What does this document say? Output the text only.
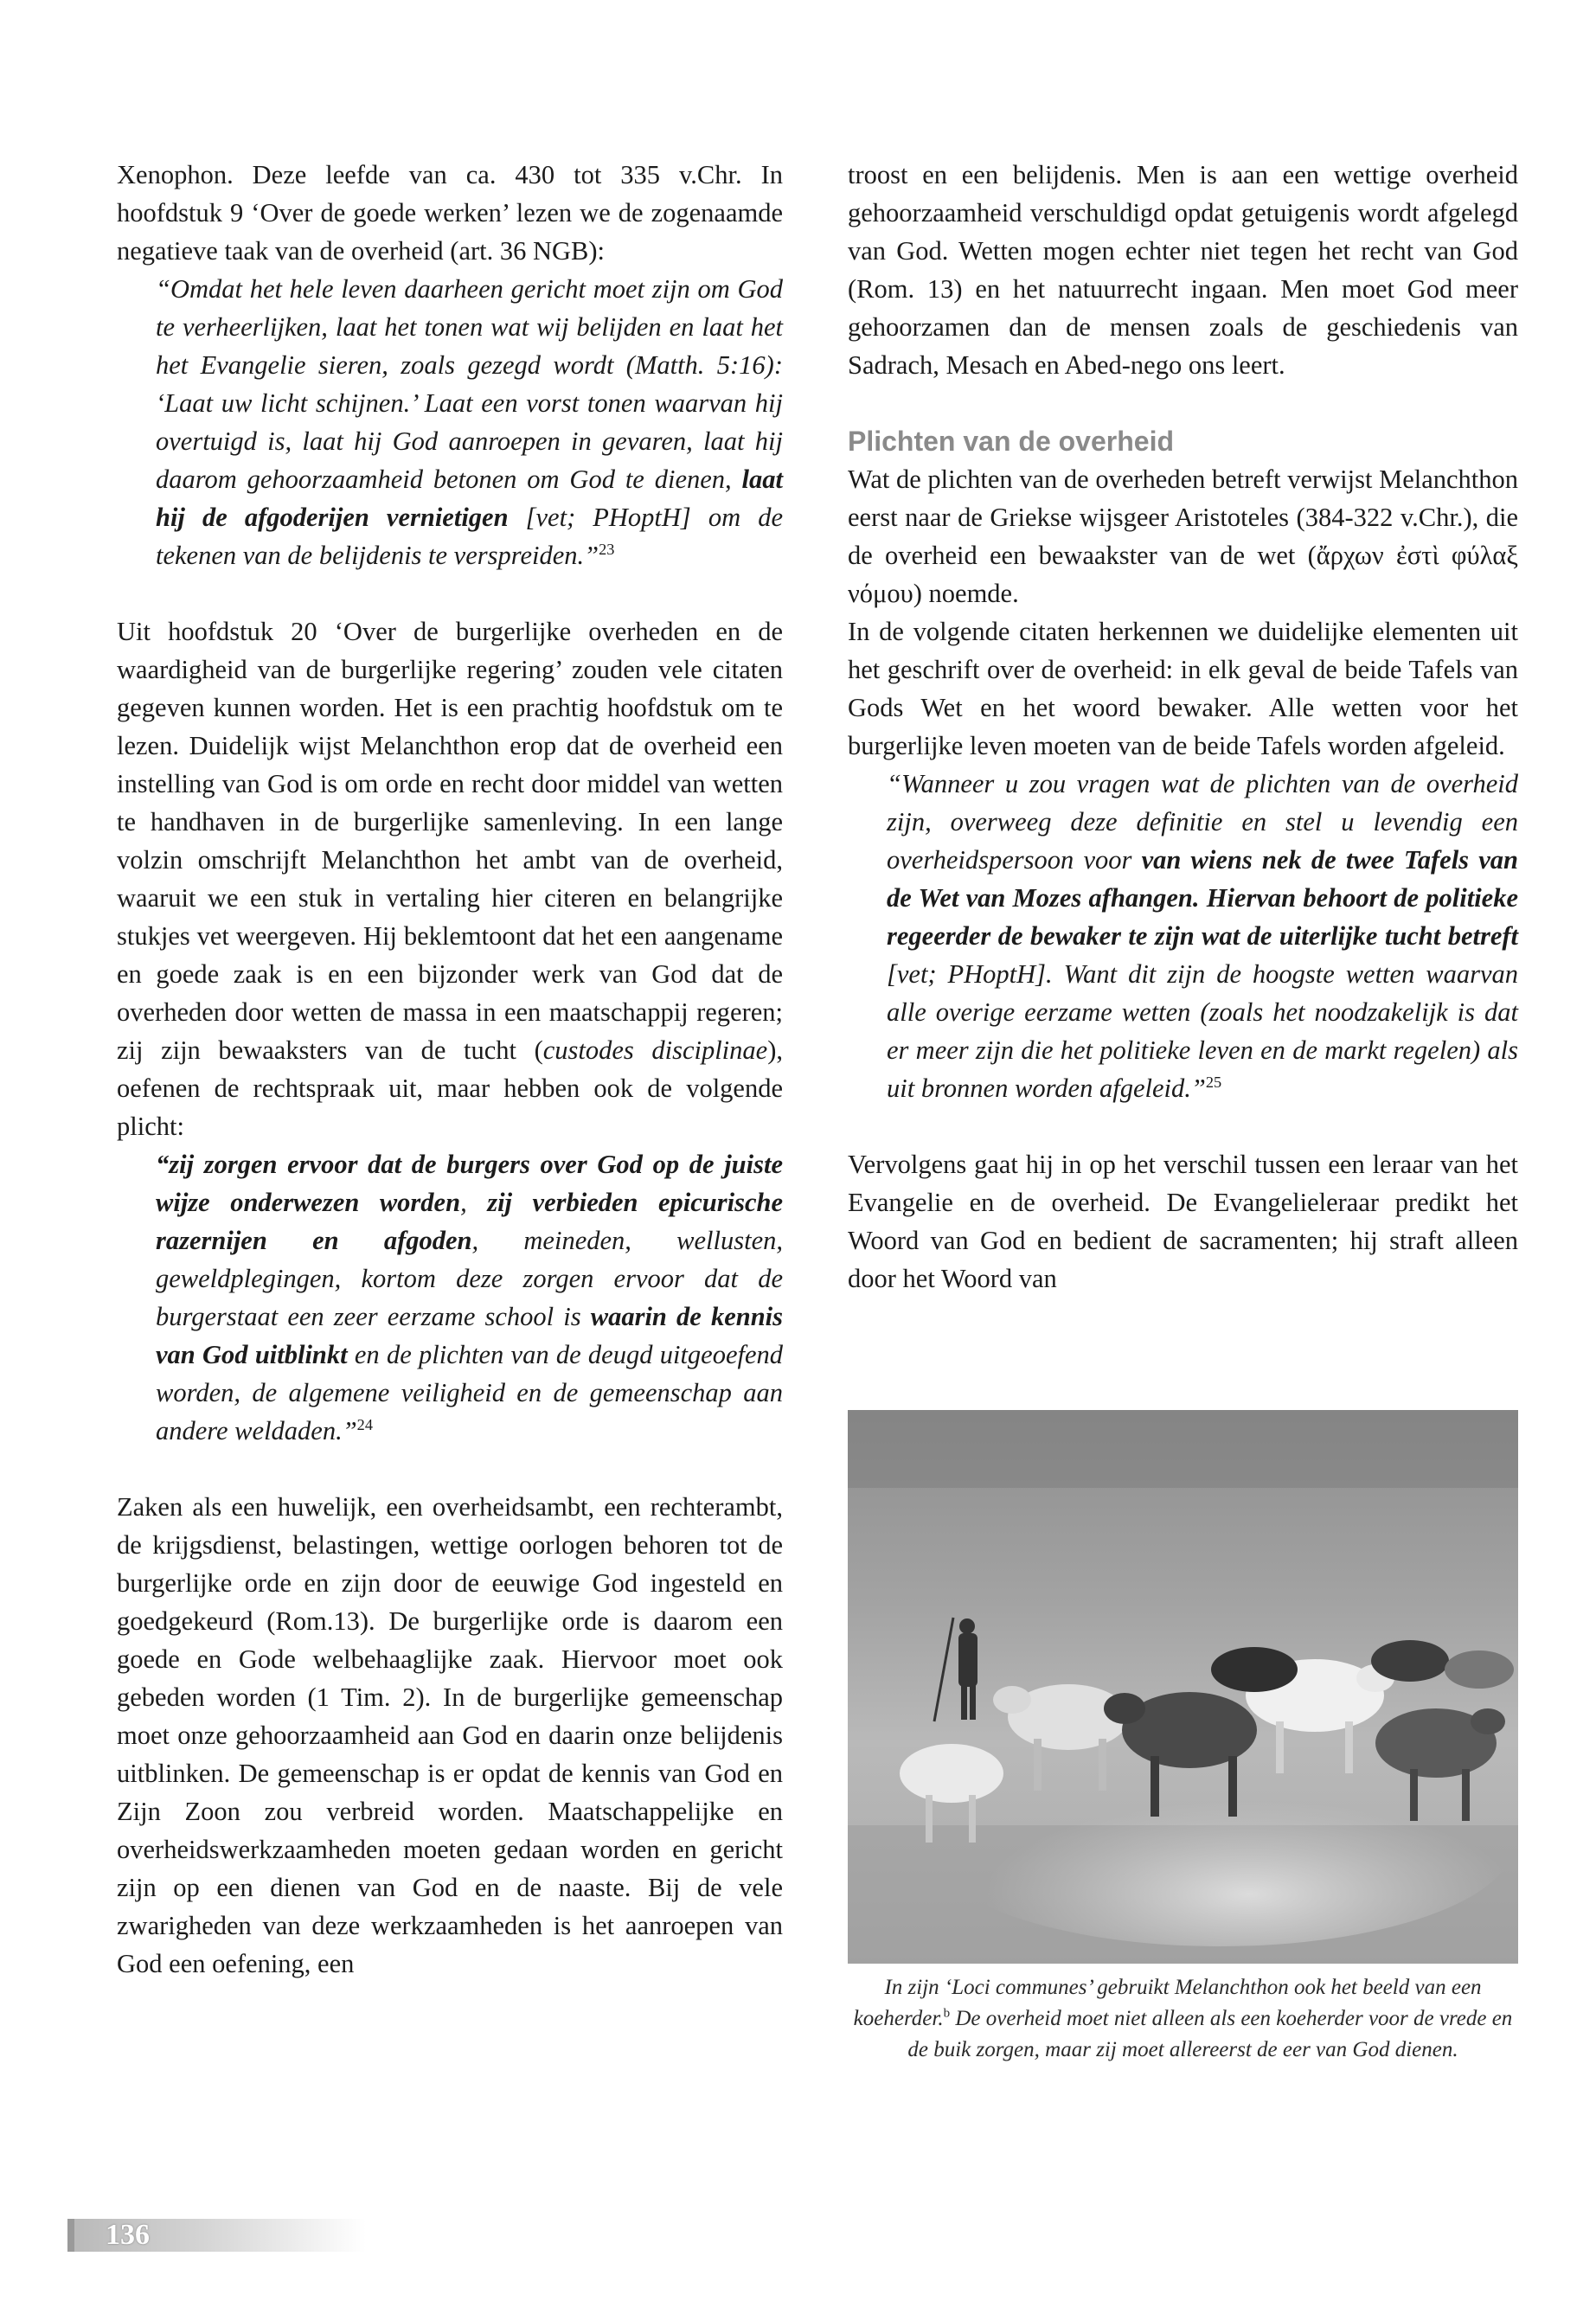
Xenophon. Deze leefde van ca. 430 tot 335 v.Chr. In hoofdstuk 9 ‘Over de goede werken’ lezen we de zogenaamde negatieve taak van de overheid (art. 36 NGB):

“Omdat het hele leven daarheen gericht moet zijn om God te verheerlijken, laat het tonen wat wij belijden en laat het het Evangelie sieren, zoals gezegd wordt (Matth. 5:16): ‘Laat uw licht schijnen.’ Laat een vorst tonen waarvan hij overtuigd is, laat hij God aanroepen in gevaren, laat hij daarom gehoorzaamheid betonen om God te dienen, laat hij de afgoderijen vernietigen [vet; PHoptH] om de tekenen van de belijdenis te verspreiden.”$^{23}$

Uit hoofdstuk 20 ‘Over de burgerlijke overheden en de waardigheid van de burgerlijke regering’ zouden vele citaten gegeven kunnen worden. Het is een prachtig hoofdstuk om te lezen. Duidelijk wijst Melanchthon erop dat de overheid een instelling van God is om orde en recht door middel van wetten te handhaven in de burgerlijke samenleving. In een lange volzin omschrijft Melanchthon het ambt van de overheid, waaruit we een stuk in vertaling hier citeren en belangrijke stukjes vet weergeven. Hij beklemtoont dat het een aangename en goede zaak is en een bijzonder werk van God dat de overheden door wetten de massa in een maatschappij regeren; zij zijn bewaaksters van de tucht (custodes disciplinae), oefenen de rechtspraak uit, maar hebben ook de volgende plicht:

“zij zorgen ervoor dat de burgers over God op de juiste wijze onderwezen worden, zij verbieden epicurische razernijen en afgoden, meineden, wellusten, geweldplegingen, kortom deze zorgen ervoor dat de burgerstaat een zeer eerzame school is waarin de kennis van God uitblinkt en de plichten van de deugd uitgeoefend worden, de algemene veiligheid en de gemeenschap aan andere weldaden.”$^{24}$

Zaken als een huwelijk, een overheidsambt, een rechterambt, de krijgsdienst, belastingen, wettige oorlogen behoren tot de burgerlijke orde en zijn door de eeuwige God ingesteld en goedgekeurd (Rom.13). De burgerlijke orde is daarom een goede en Gode welbehaaglijke zaak. Hiervoor moet ook gebeden worden (1 Tim. 2). In de burgerlijke gemeenschap moet onze gehoorzaamheid aan God en daarin onze belijdenis uitblinken. De gemeenschap is er opdat de kennis van God en Zijn Zoon zou verbreid worden. Maatschappelijke en overheidswerkzaamheden moeten gedaan worden en gericht zijn op een dienen van God en de naaste. Bij de vele zwarigheden van deze werkzaamheden is het aanroepen van God een oefening, een

troost en een belijdenis. Men is aan een wettige overheid gehoorzaamheid verschuldigd opdat getuigenis wordt afgelegd van God. Wetten mogen echter niet tegen het recht van God (Rom. 13) en het natuurrecht ingaan. Men moet God meer gehoorzamen dan de mensen zoals de geschiedenis van Sadrach, Mesach en Abed-nego ons leert.

Plichten van de overheid

Wat de plichten van de overheden betreft verwijst Melanchthon eerst naar de Griekse wijsgeer Aristoteles (384-322 v.Chr.), die de overheid een bewaakster van de wet (ἄρχων ἐστὶ φύλαξ νόμου) noemde.

In de volgende citaten herkennen we duidelijke elementen uit het geschrift over de overheid: in elk geval de beide Tafels van Gods Wet en het woord bewaker. Alle wetten voor het burgerlijke leven moeten van de beide Tafels worden afgeleid.

“Wanneer u zou vragen wat de plichten van de overheid zijn, overweeg deze definitie en stel u levendig een overheidspersoon voor van wiens nek de twee Tafels van de Wet van Mozes afhangen. Hiervan behoort de politieke regeerder de bewaker te zijn wat de uiterlijke tucht betreft [vet; PHoptH]. Want dit zijn de hoogste wetten waarvan alle overige eerzame wetten (zoals het noodzakelijk is dat er meer zijn die het politieke leven en de markt regelen) als uit bronnen worden afgeleid.”$^{25}$

Vervolgens gaat hij in op het verschil tussen een leraar van het Evangelie en de overheid. De Evangelieleraar predikt het Woord van God en bedient de sacramenten; hij straft alleen door het Woord van

In zijn ‘Loci communes’ gebruikt Melanchthon ook het beeld van een koeherder.$^b$ De overheid moet niet alleen als een koeherder voor de vrede en de buik zorgen, maar zij moet allereerst de eer van God dienen.

136
